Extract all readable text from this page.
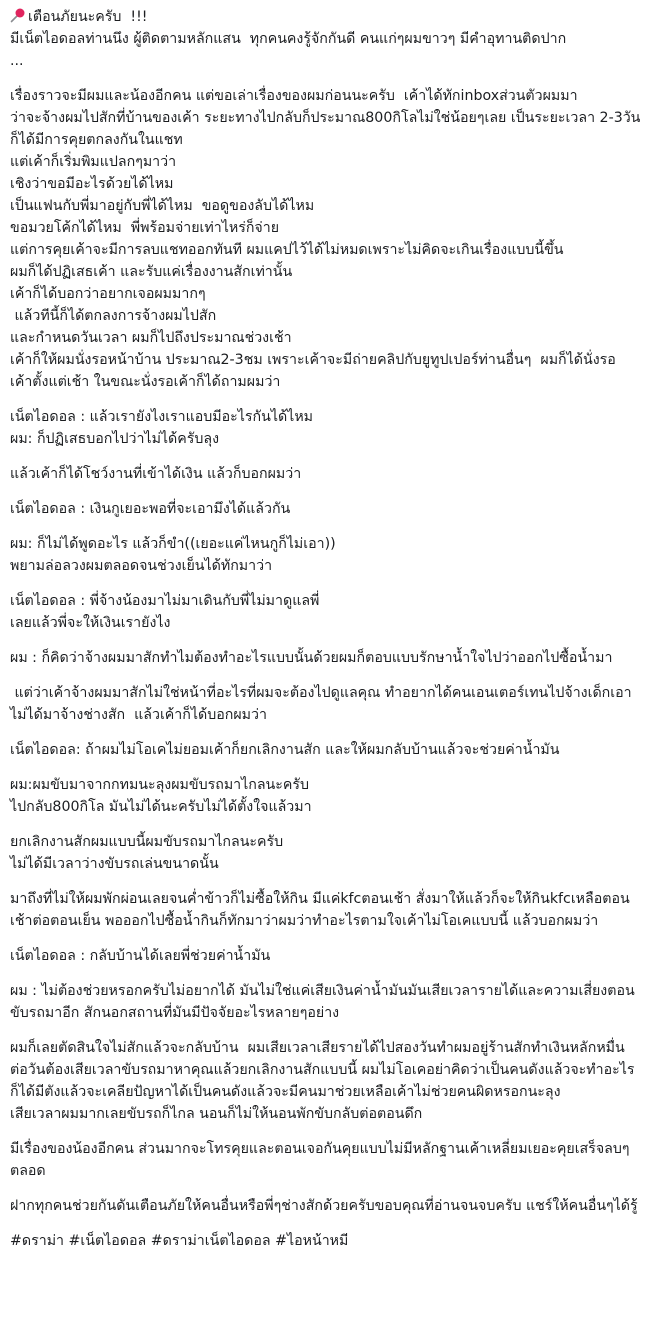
เตือนภัยนะครับ  !!!
มีเน็ตไอดอลท่านนึง ผู้ติดตามหลักแสน  ทุกคนคงรู้จักกันดี คนแก่ๆผมขาวๆ มีคำอุทานติดปาก
...
เรื่องราวจะมีผมและน้องอีกคน แต่ขอเล่าเรื่องของผมก่อนนะครับ  เค้าได้ทักinboxส่วนตัวผมมา
ว่าจะจ้างผมไปสักที่บ้านของเค้า ระยะทางไปกลับก็ประมาณ800กิโลไม่ใช่น้อยๆเลย เป็นระยะเวลา 2-3วัน  ก็ได้มีการคุยตกลงกันในแชท
แต่เค้าก็เริ่มพิมแปลกๆมาว่า
เชิงว่าขอมีอะไรด้วยได้ไหม
เป็นแฟนกับพี่มาอยู่กับพี่ได้ไหม  ขอดูของลับได้ไหม
ขอมวยโค้กได้ไหม  พี่พร้อมจ่ายเท่าไหร่ก็จ่าย
แต่การคุยเค้าจะมีการลบแชทออกทันที ผมแคปไว้ได้ไม่หมดเพราะไม่คิดจะเกินเรื่องแบบนี้ขึ้น
ผมก็ได้ปฏิเสธเค้า และรับแค่เรื่องงานสักเท่านั้น
เค้าก็ได้บอกว่าอยากเจอผมมากๆ
แล้วทีนี้ก็ได้ตกลงการจ้างผมไปสัก
และกำหนดวันเวลา ผมก็ไปถึงประมาณช่วงเช้า
เค้าก็ให้ผมนั่งรอหน้าบ้าน ประมาณ2-3ชม เพราะเค้าจะมีถ่ายคลิปกับยูทูปเปอร์ท่านอื่นๆ  ผมก็ได้นั่งรอ
เค้าตั้งแต่เช้า ในขณะนั่งรอเค้าก็ได้ถามผมว่า
เน็ตไอดอล : แล้วเรายังไงเราแอบมีอะไรกันได้ไหม
ผม: ก็ปฏิเสธบอกไปว่าไม่ได้ครับลุง
แล้วเค้าก็ได้โชว์งานที่เข้าได้เงิน แล้วก็บอกผมว่า
เน็ตไอดอล : เงินกูเยอะพอที่จะเอามึงได้แล้วกัน
ผม: ก็ไม่ได้พูดอะไร แล้วก็ขำ((เยอะแค่ไหนกูก็ไม่เอา))
พยามล่อลวงผมตลอดจนช่วงเย็นได้ทักมาว่า
เน็ตไอดอล : พี่จ้างน้องมาไม่มาเดินกับพี่ไม่มาดูแลพี่
เลยแล้วพี่จะให้เงินเรายังไง
ผม : ก็คิดว่าจ้างผมมาสักทำไมต้องทำอะไรแบบนั้นด้วยผมก็ตอบแบบรักษาน้ำใจไปว่าออกไปซื้อน้ำมา
แต่ว่าเค้าจ้างผมมาสักไม่ใช่หน้าที่อะไรที่ผมจะต้องไปดูแลคุณ ทำอยากได้คนเอนเตอร์เทนไปจ้างเด็กเอาไม่ได้มาจ้างช่างสัก  แล้วเค้าก็ได้บอกผมว่า
เน็ตไอดอล: ถ้าผมไม่โอเคไม่ยอมเค้าก็ยกเลิกงานสัก และให้ผมกลับบ้านแล้วจะช่วยค่าน้ำมัน
ผม:ผมขับมาจากกทมนะลุงผมขับรถมาไกลนะครับ
ไปกลับ800กิโล มันไม่ได้นะครับไม่ได้ตั้งใจแล้วมา
ยกเลิกงานสักผมแบบนี้ผมขับรถมาไกลนะครับ
ไม่ได้มีเวลาว่างขับรถเล่นขนาดนั้น
มาถึงที่ไม่ให้ผมพักผ่อนเลยจนค่ำข้าวก็ไม่ซื้อให้กิน มีแค่kfcตอนเช้า สั่งมาให้แล้วก็จะให้กินkfcเหลือตอนเช้าต่อตอนเย็น พอออกไปซื้อน้ำกินก็ทักมาว่าผมว่าทำอะไรตามใจเค้าไม่โอเคแบบนี้ แล้วบอกผมว่า
เน็ตไอดอล : กลับบ้านได้เลยพี่ช่วยค่าน้ำมัน
ผม : ไม่ต้องช่วยหรอกครับไม่อยากได้ มันไม่ใช่แค่เสียเงินค่าน้ำมันมันเสียเวลารายได้และความเสี่ยงตอนขับรถมาอีก สักนอกสถานที่มันมีปัจจัยอะไรหลายๆอย่าง
ผมก็เลยตัดสินใจไม่สักแล้วจะกลับบ้าน  ผมเสียเวลาเสียรายได้ไปสองวันทำผมอยู่ร้านสักทำเงินหลักหมื่นต่อวันต้องเสียเวลาขับรถมาหาคุณแล้วยกเลิกงานสักแบบนี้ ผมไม่โอเคอย่าคิดว่าเป็นคนดังแล้วจะทำอะไรก็ได้มีตังแล้วจะเคลียปัญหาได้เป็นคนดังแล้วจะมีคนมาช่วยเหลือเค้าไม่ช่วยคนผิดหรอกนะลุง
เสียเวลาผมมากเลยขับรถก็ไกล นอนก็ไม่ให้นอนพักขับกลับต่อตอนดึก
มีเรื่องของน้องอีกคน ส่วนมากจะโทรคุยและตอนเจอกันคุยแบบไม่มีหลักฐานเค้าเหลี่ยมเยอะคุยเสร็จลบๆตลอด
ฝากทุกคนช่วยกันดันเตือนภัยให้คนอื่นหรือพี่ๆช่างสักด้วยครับขอบคุณที่อ่านจนจบครับ แชร์ให้คนอื่นๆได้รู้
#ดราม่า #เน็ตไอดอล #ดราม่าเน็ตไอดอล #ไอหน้าหมี
